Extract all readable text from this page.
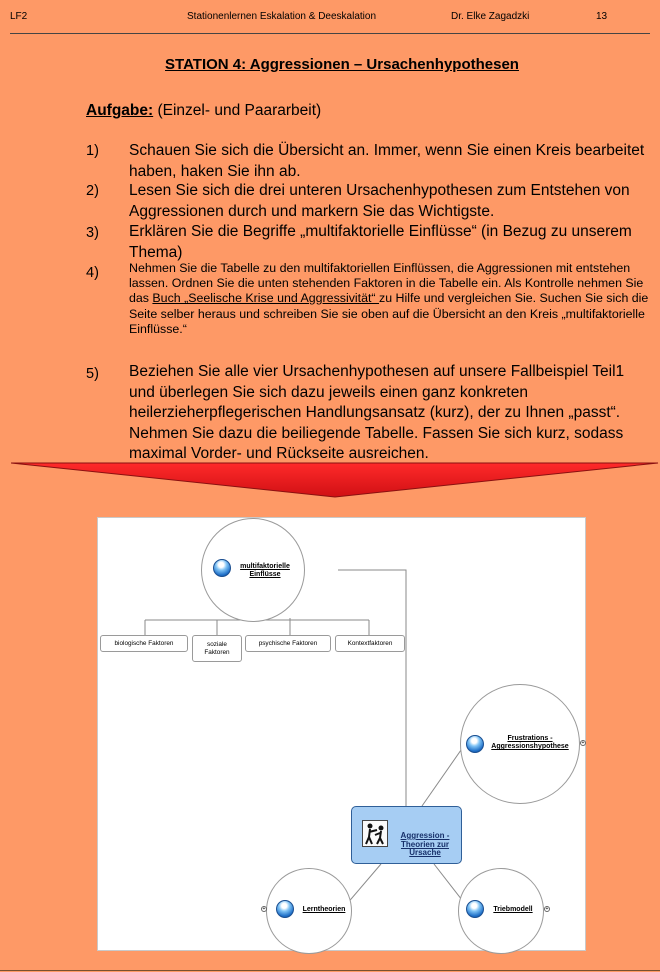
LF2	Stationenlernen Eskalation & Deeskalation	Dr. Elke Zagadzki	13
STATION 4: Aggressionen – Ursachenhypothesen
Aufgabe: (Einzel- und Paararbeit)
1) Schauen Sie sich die Übersicht an. Immer, wenn Sie einen Kreis bearbeitet haben, haken Sie ihn ab.
2) Lesen Sie sich die drei unteren Ursachenhypothesen zum Entstehen von Aggressionen durch und markern Sie das Wichtigste.
3) Erklären Sie die Begriffe „multifaktorielle Einflüsse“ (in Bezug zu unserem Thema)
4) Nehmen Sie die Tabelle zu den multifaktoriellen Einflüssen, die Aggressionen mit entstehen lassen. Ordnen Sie die unten stehenden Faktoren in die Tabelle ein. Als Kontrolle nehmen Sie das Buch „Seelische Krise und Aggressivität“ zu Hilfe und vergleichen Sie. Suchen Sie sich die Seite selber heraus und schreiben Sie sie oben auf die Übersicht an den Kreis „multifaktorielle Einflüsse.“
5) Beziehen Sie alle vier Ursachenhypothesen auf unsere Fallbeispiel Teil1 und überlegen Sie sich dazu jeweils einen ganz konkreten heilerzieherpflegerischen Handlungsansatz (kurz), der zu Ihnen „passt“. Nehmen Sie dazu die beiliegende Tabelle. Fassen Sie sich kurz, sodass maximal Vorder- und Rückseite ausreichen.
multifaktorielle
Einflüsse
biologische Faktoren	soziale Faktoren
psychische Faktoren	Kontextfaktoren
Frustrations -
Aggressionshypothese	+
Aggression -
Theorien zur
Ursache
Lerntheorien
+	Triebmodell	+
